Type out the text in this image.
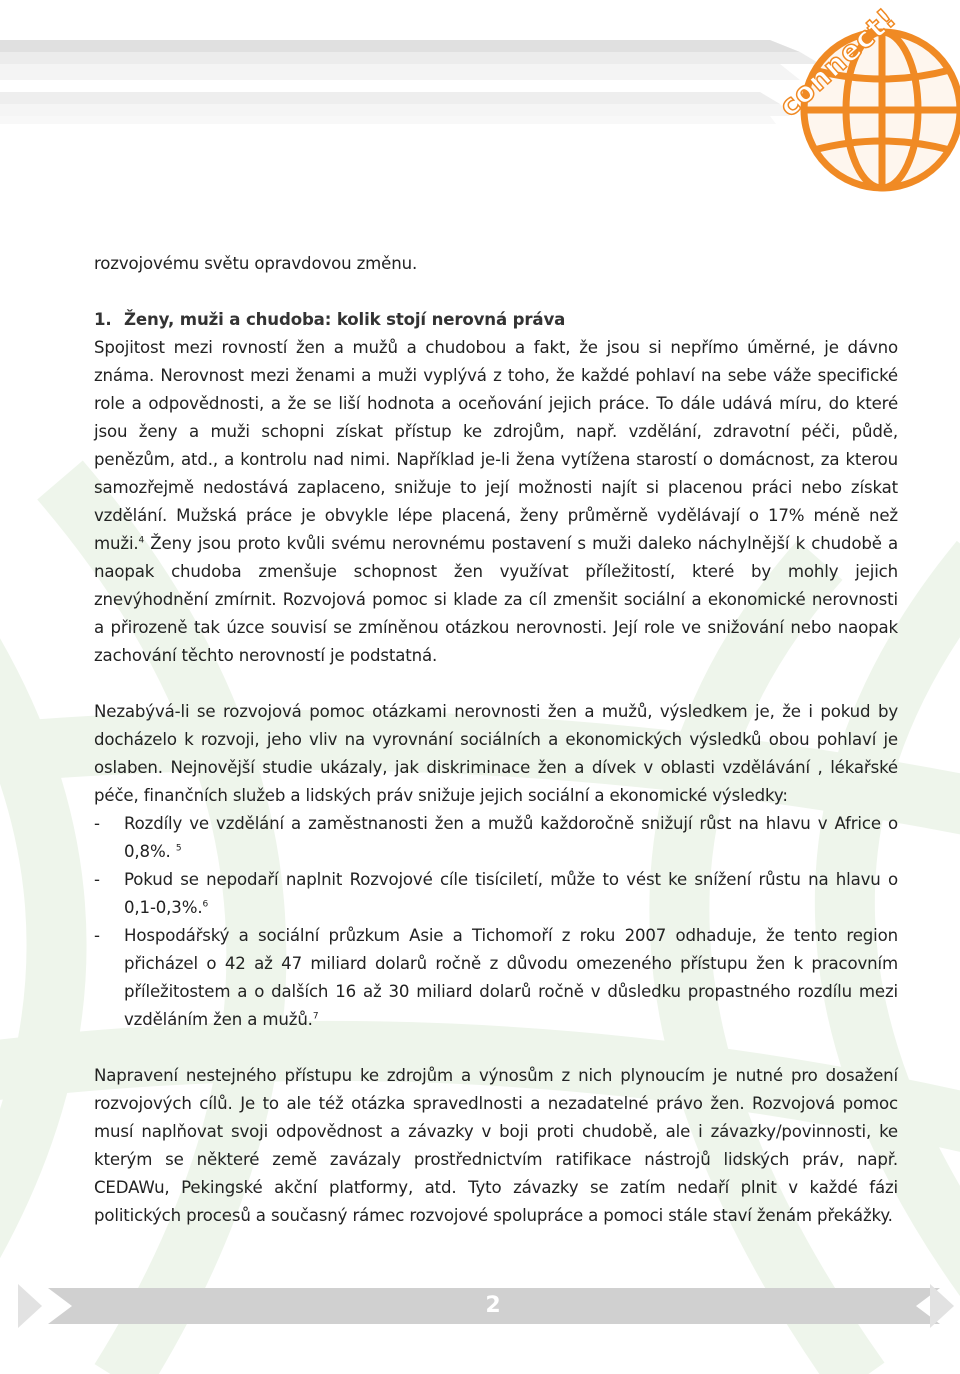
connect!

rozvojovému světu opravdovou změnu.

1. Ženy, muži a chudoba: kolik stojí nerovná práva

Spojitost mezi rovností žen a mužů a chudobou a fakt, že jsou si nepřímo úměrné, je dávno známa. Nerovnost mezi ženami a muži vyplývá z toho, že každé pohlaví na sebe váže specifické role a odpovědnosti, a že se liší hodnota a oceňování jejich práce. To dále udává míru, do které jsou ženy a muži schopni získat přístup ke zdrojům, např. vzdělání, zdravotní péči, půdě, penězům, atd., a kontrolu nad nimi. Například je-li žena vytížena starostí o domácnost, za kterou samozřejmě nedostává zaplaceno, snižuje to její možnosti najít si placenou práci nebo získat vzdělání. Mužská práce je obvykle lépe placená, ženy průměrně vydělávají o 17% méně než muži.$^4$ Ženy jsou proto kvůli svému nerovnému postavení s muži daleko náchylnější k chudobě a naopak chudoba zmenšuje schopnost žen využívat příležitostí, které by mohly jejich znevýhodnění zmírnit. Rozvojová pomoc si klade za cíl zmenšit sociální a ekonomické nerovnosti a přirozeně tak úzce souvisí se zmíněnou otázkou nerovnosti. Její role ve snižování nebo naopak zachování těchto nerovností je podstatná.

Nezabývá-li se rozvojová pomoc otázkami nerovnosti žen a mužů, výsledkem je, že i pokud by docházelo k rozvoji, jeho vliv na vyrovnání sociálních a ekonomických výsledků obou pohlaví je oslaben. Nejnovější studie ukázaly, jak diskriminace žen a dívek v oblasti vzdělávání , lékařské péče, finančních služeb a lidských práv snižuje jejich sociální a ekonomické výsledky:

- Rozdíly ve vzdělání a zaměstnanosti žen a mužů každoročně snižují růst na hlavu v Africe o 0,8%. $^5$
- Pokud se nepodaří naplnit Rozvojové cíle tisíciletí, může to vést ke snížení růstu na hlavu o 0,1-0,3%.$^6$
- Hospodářský a sociální průzkum Asie a Tichomoří z roku 2007 odhaduje, že tento region přicházel o 42 až 47 miliard dolarů ročně z důvodu omezeného přístupu žen k pracovním příležitostem a o dalších 16 až 30 miliard dolarů ročně v důsledku propastného rozdílu mezi vzděláním žen a mužů.$^7$

Napravení nestejného přístupu ke zdrojům a výnosům z nich plynoucím je nutné pro dosažení rozvojových cílů. Je to ale též otázka spravedlnosti a nezadatelné právo žen. Rozvojová pomoc musí naplňovat svoji odpovědnost a závazky v boji proti chudobě, ale i závazky/povinnosti, ke kterým se některé země zavázaly prostřednictvím ratifikace nástrojů lidských práv, např. CEDAWu, Pekingské akční platformy, atd. Tyto závazky se zatím nedaří plnit v každé fázi politických procesů a současný rámec rozvojové spolupráce a pomoci stále staví ženám překážky.

2
